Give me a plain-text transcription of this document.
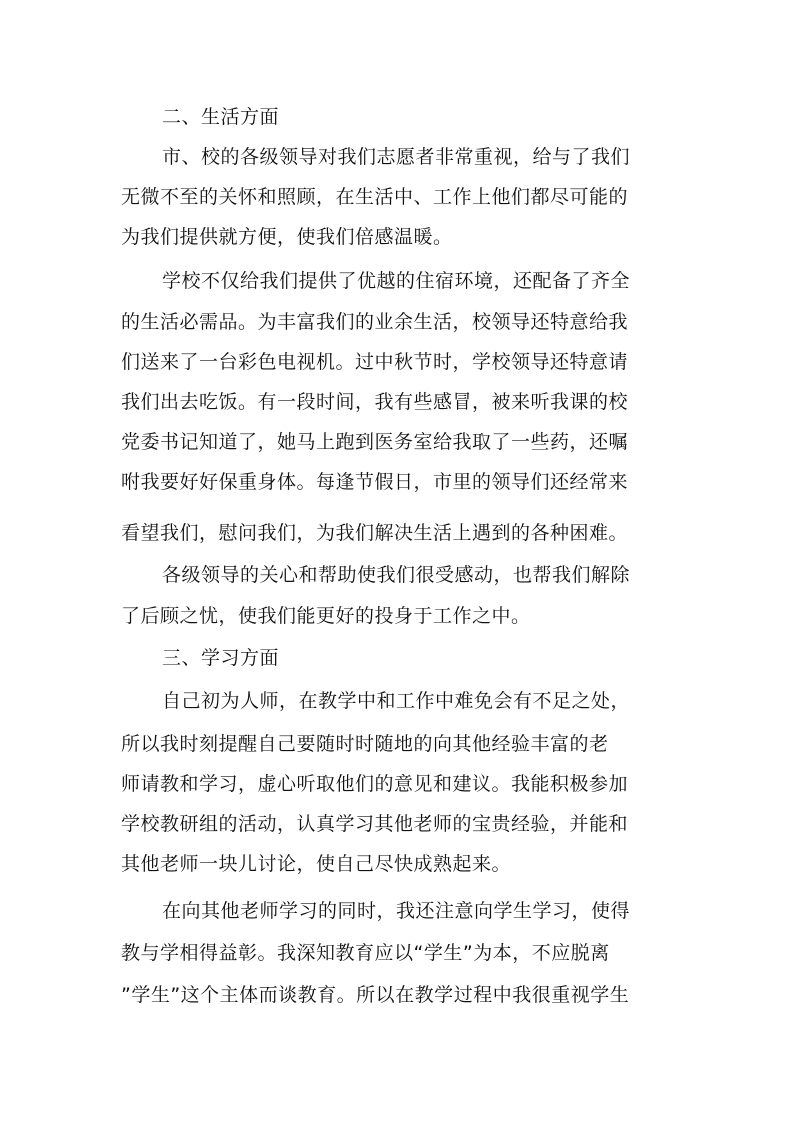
二、生活方面
市、校的各级领导对我们志愿者非常重视，给与了我们
无微不至的关怀和照顾，在生活中、工作上他们都尽可能的
为我们提供就方便，使我们倍感温暖。
学校不仅给我们提供了优越的住宿环境，还配备了齐全
的生活必需品。为丰富我们的业余生活，校领导还特意给我
们送来了一台彩色电视机。过中秋节时，学校领导还特意请
我们出去吃饭。有一段时间，我有些感冒，被来听我课的校
党委书记知道了，她马上跑到医务室给我取了一些药，还嘱
咐我要好好保重身体。每逢节假日，市里的领导们还经常来
看望我们，慰问我们，为我们解决生活上遇到的各种困难。
各级领导的关心和帮助使我们很受感动，也帮我们解除
了后顾之忧，使我们能更好的投身于工作之中。
三、学习方面
自己初为人师，在教学中和工作中难免会有不足之处，
所以我时刻提醒自己要随时时随地的向其他经验丰富的老
师请教和学习，虚心听取他们的意见和建议。我能积极参加
学校教研组的活动，认真学习其他老师的宝贵经验，并能和
其他老师一块儿讨论，使自己尽快成熟起来。
在向其他老师学习的同时，我还注意向学生学习，使得
教与学相得益彰。我深知教育应以“学生”为本，不应脱离
”学生”这个主体而谈教育。所以在教学过程中我很重视学生
